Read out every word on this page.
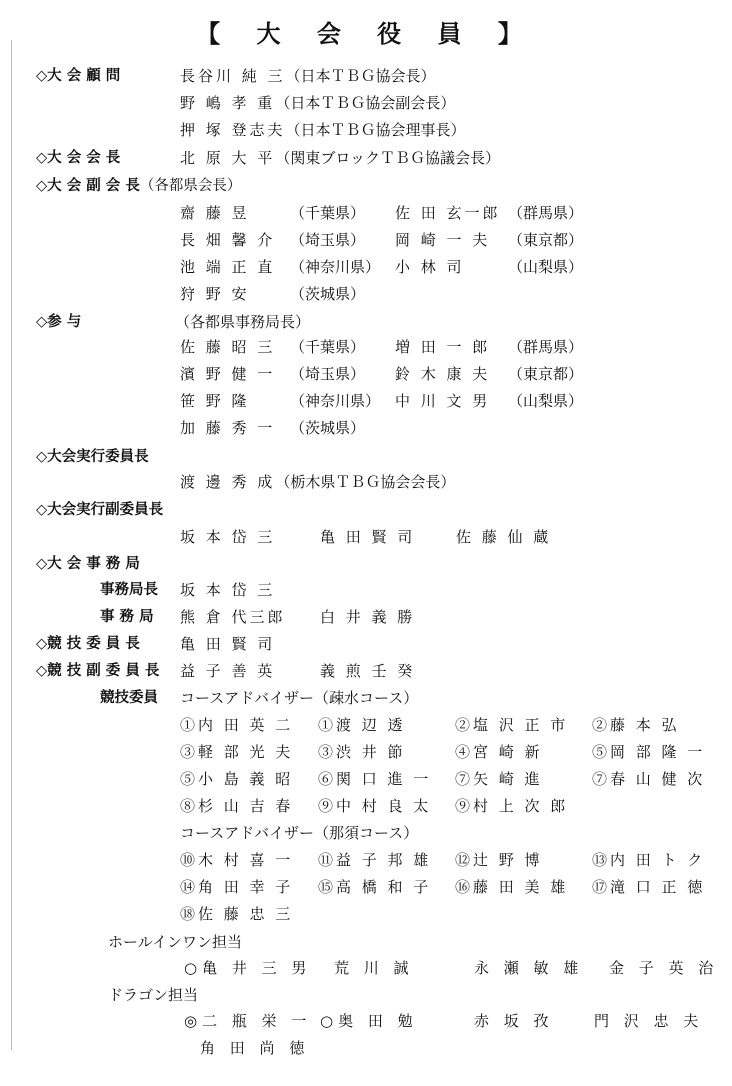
【 大 会 役 員 】
◇大 会 顧 問	長谷川 純 三（日本ＴＢＧ協会長）
野 嶋 孝 重（日本ＴＢＧ協会副会長）
押 塚 登志夫（日本ＴＢＧ協会理事長）
◇大 会 会 長	北 原 大 平（関東ブロックＴＢＧ協議会長）
◇大 会 副 会 長（各都県会長）
齋 藤 昱	（千葉県） 佐 田 玄一郎 （群馬県）
長 畑 馨 介 （埼玉県） 岡 崎 一 夫 （東京都）
池 端 正 直 （神奈川県） 小 林 司	（山梨県）
狩 野 安	（茨城県）
◇参 与	（各都県事務局長）
佐 藤 昭 三 （千葉県） 増 田 一 郎 （群馬県）
濱 野 健 一 （埼玉県） 鈴 木 康 夫 （東京都）
笹 野 隆	（神奈川県） 中 川 文 男 （山梨県）
加 藤 秀 一 （茨城県）
◇大会実行委員長
渡 邊 秀 成（栃木県ＴＢＧ協会会長）
◇大会実行副委員長
坂 本 岱 三	亀 田 賢 司	佐 藤 仙 蔵
◇大 会 事 務 局
事務局長 坂 本 岱 三
事 務 局 熊 倉 代三郎 白 井 義 勝
◇競 技 委 員 長	亀 田 賢 司
◇競 技 副 委 員 長 益 子 善 英	義 煎 壬 癸
競技委員 コースアドバイザー（疎水コース）
①内 田 英 二 ①渡 辺 透	②塩 沢 正 市 ②藤 本 弘
③軽 部 光 夫 ③渋 井 節	④宮 崎 新	⑤岡 部 隆 一
⑤小 島 義 昭 ⑥関 口 進 一 ⑦矢 崎 進	⑦春 山 健 次
⑧杉 山 吉 春 ⑨中 村 良 太 ⑨村 上 次 郎
コースアドバイザー（那須コース）
⑩木 村 喜 一 ⑪益 子 邦 雄 ⑫辻 野 博	⑬内 田 ト ク
⑭角 田 幸 子 ⑮高 橋 和 子 ⑯藤 田 美 雄 ⑰滝 口 正 徳
⑱佐 藤 忠 三
ホールインワン担当
○亀 井 三 男 荒 川 誠	永 瀬 敏 雄 金 子 英 治
ドラゴン担当
◎二 瓶 栄 一 ○奥 田 勉	赤 坂 孜	門 沢 忠 夫
角 田 尚 徳
